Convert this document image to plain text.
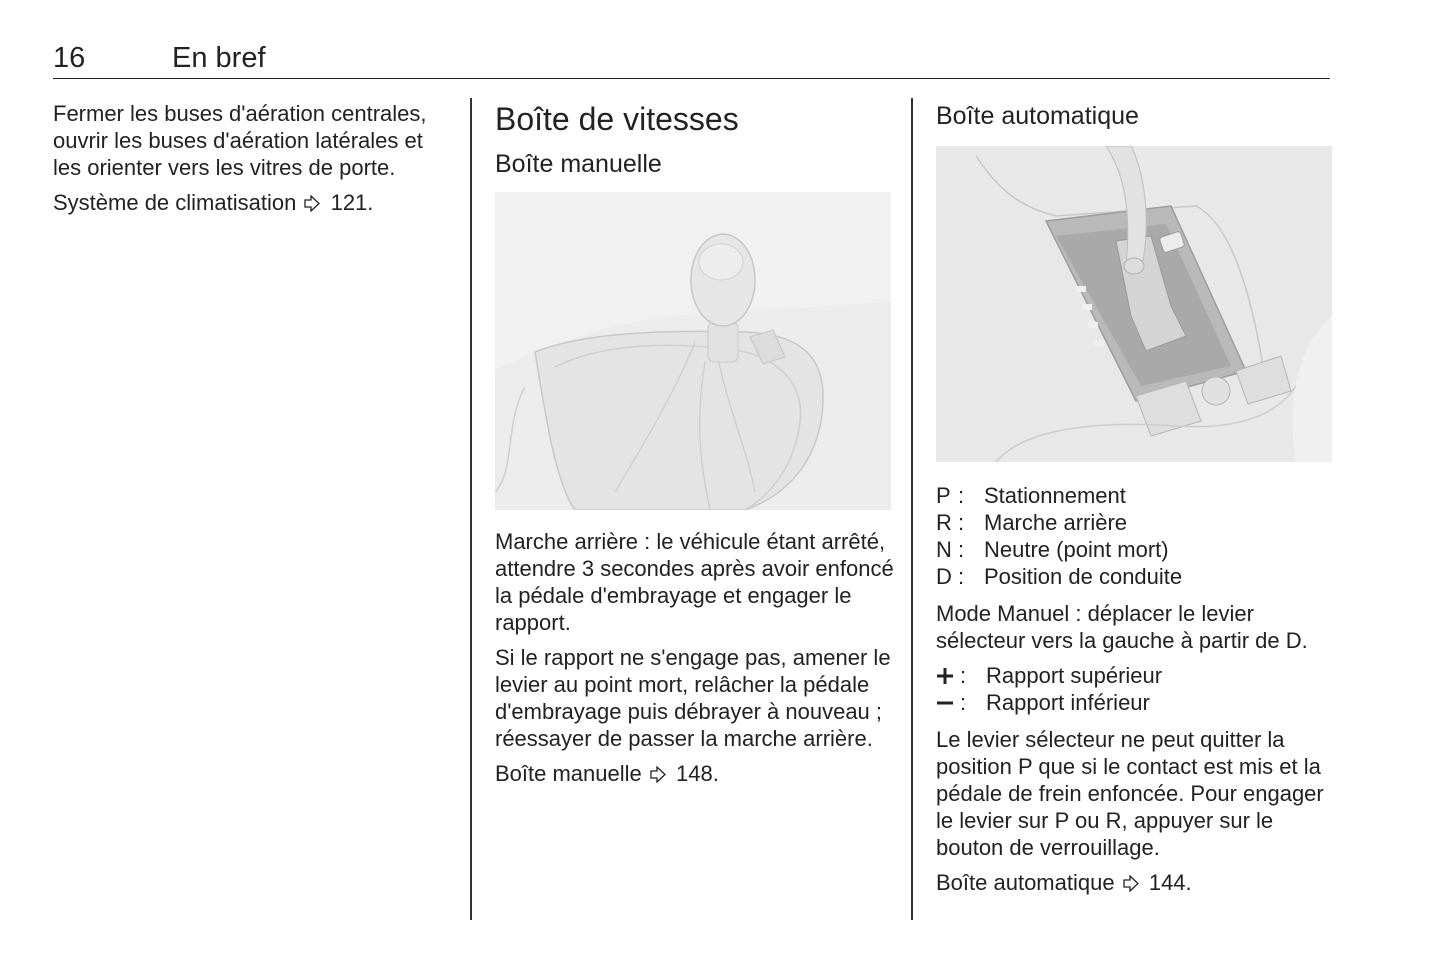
16	En bref

Fermer les buses d'aération centrales, ouvrir les buses d'aération latérales et les orienter vers les vitres de porte.

Système de climatisation 121.

Boîte de vitesses
Boîte manuelle

Marche arrière : le véhicule étant arrêté, attendre 3 secondes après avoir enfoncé la pédale d'embrayage et engager le rapport.

Si le rapport ne s'engage pas, amener le levier au point mort, relâcher la pédale d'embrayage puis débrayer à nouveau ; réessayer de passer la marche arrière.

Boîte manuelle 148.

Boîte automatique
P : Stationnement
R : Marche arrière
N : Neutre (point mort)
D : Position de conduite

Mode Manuel : déplacer le levier sélecteur vers la gauche à partir de D.

: Rapport supérieur
: Rapport inférieur

Le levier sélecteur ne peut quitter la position P que si le contact est mis et la pédale de frein enfoncée. Pour engager le levier sur P ou R, appuyer sur le bouton de verrouillage.

Boîte automatique 144.
